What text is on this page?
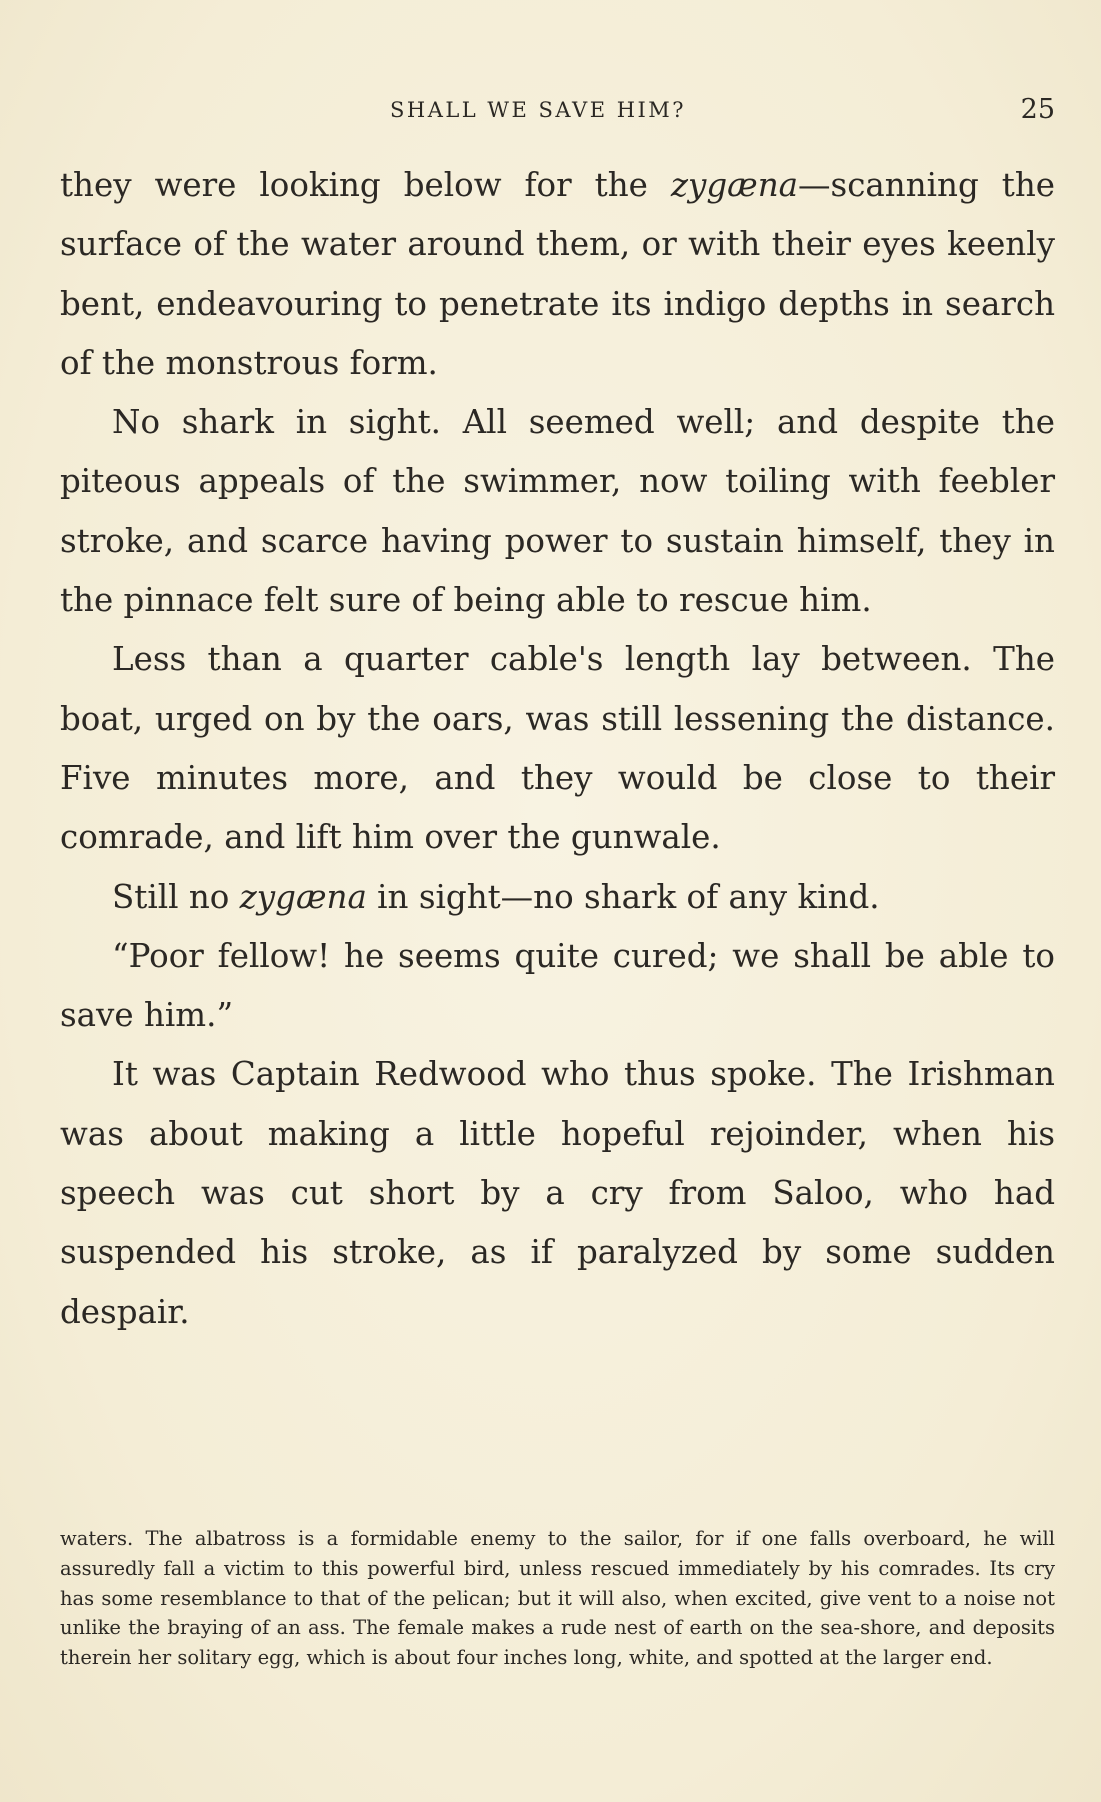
SHALL WE SAVE HIM?	25

they were looking below for the zygæna—scanning the surface of the water around them, or with their eyes keenly bent, endeavouring to penetrate its indigo depths in search of the monstrous form.

No shark in sight. All seemed well; and despite the piteous appeals of the swimmer, now toiling with feebler stroke, and scarce having power to sustain himself, they in the pinnace felt sure of being able to rescue him.

Less than a quarter cable's length lay between. The boat, urged on by the oars, was still lessening the distance. Five minutes more, and they would be close to their comrade, and lift him over the gunwale.

Still no zygæna in sight—no shark of any kind.

“Poor fellow! he seems quite cured; we shall be able to save him.”

It was Captain Redwood who thus spoke. The Irishman was about making a little hopeful rejoinder, when his speech was cut short by a cry from Saloo, who had suspended his stroke, as if paralyzed by some sudden despair.

waters. The albatross is a formidable enemy to the sailor, for if one falls overboard, he will assuredly fall a victim to this powerful bird, unless rescued immediately by his comrades. Its cry has some resemblance to that of the pelican; but it will also, when excited, give vent to a noise not unlike the braying of an ass. The female makes a rude nest of earth on the sea-shore, and deposits therein her solitary egg, which is about four inches long, white, and spotted at the larger end.
